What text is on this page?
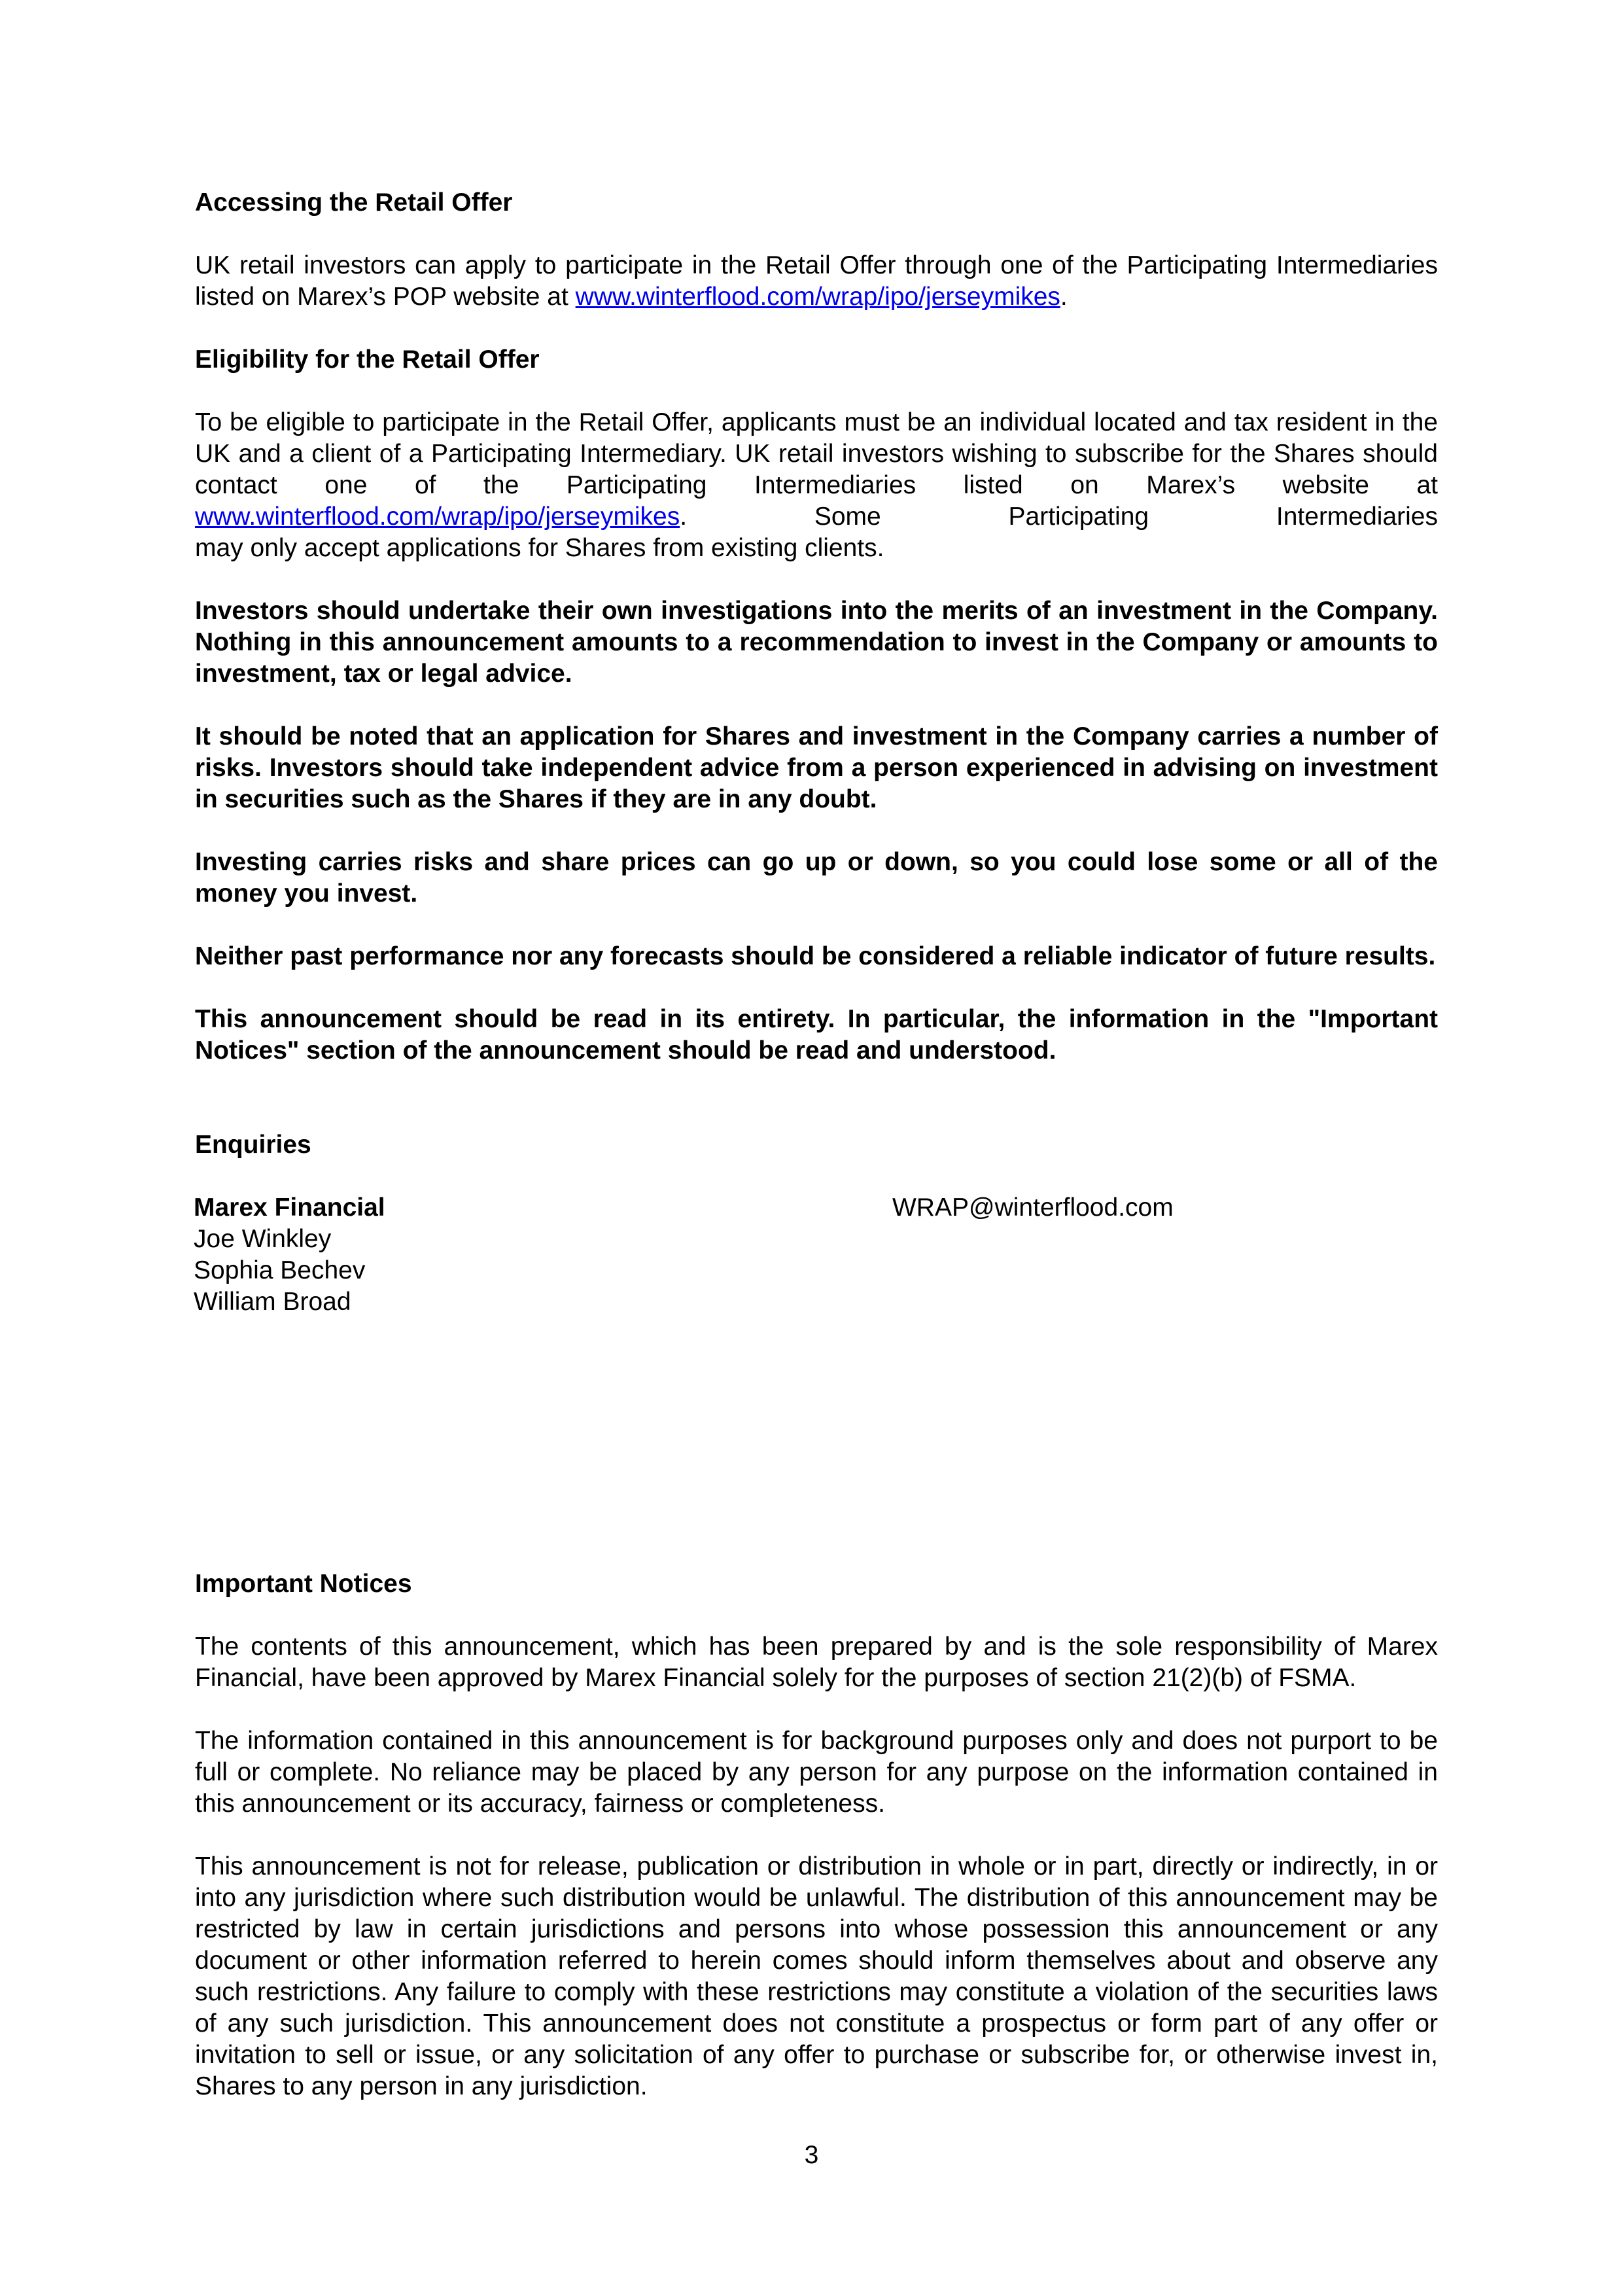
Accessing the Retail Offer

UK retail investors can apply to participate in the Retail Offer through one of the Participating Intermediaries listed on Marex’s POP website at www.winterflood.com/wrap/ipo/jerseymikes.

Eligibility for the Retail Offer

To be eligible to participate in the Retail Offer, applicants must be an individual located and tax resident in the UK and a client of a Participating Intermediary. UK retail investors wishing to subscribe for the Shares should contact one of the Participating Intermediaries listed on Marex’s website at www.winterflood.com/wrap/ipo/jerseymikes. Some Participating Intermediaries
may only accept applications for Shares from existing clients.

Investors should undertake their own investigations into the merits of an investment in the Company. Nothing in this announcement amounts to a recommendation to invest in the Company or amounts to investment, tax or legal advice.

It should be noted that an application for Shares and investment in the Company carries a number of risks. Investors should take independent advice from a person experienced in advising on investment in securities such as the Shares if they are in any doubt.

Investing carries risks and share prices can go up or down, so you could lose some or all of the money you invest.

Neither past performance nor any forecasts should be considered a reliable indicator of future results.

This announcement should be read in its entirety. In particular, the information in the "Important Notices" section of the announcement should be read and understood.

Enquiries
Marex Financial
Joe Winkley
Sophia Bechev
William Broad
WRAP@winterflood.com
Important Notices

The contents of this announcement, which has been prepared by and is the sole responsibility of Marex Financial, have been approved by Marex Financial solely for the purposes of section 21(2)(b) of FSMA.

The information contained in this announcement is for background purposes only and does not purport to be full or complete. No reliance may be placed by any person for any purpose on the information contained in this announcement or its accuracy, fairness or completeness.

This announcement is not for release, publication or distribution in whole or in part, directly or indirectly, in or into any jurisdiction where such distribution would be unlawful. The distribution of this announcement may be restricted by law in certain jurisdictions and persons into whose possession this announcement or any document or other information referred to herein comes should inform themselves about and observe any such restrictions. Any failure to comply with these restrictions may constitute a violation of the securities laws of any such jurisdiction. This announcement does not constitute a prospectus or form part of any offer or invitation to sell or issue, or any solicitation of any offer to purchase or subscribe for, or otherwise invest in, Shares to any person in any jurisdiction.

3
